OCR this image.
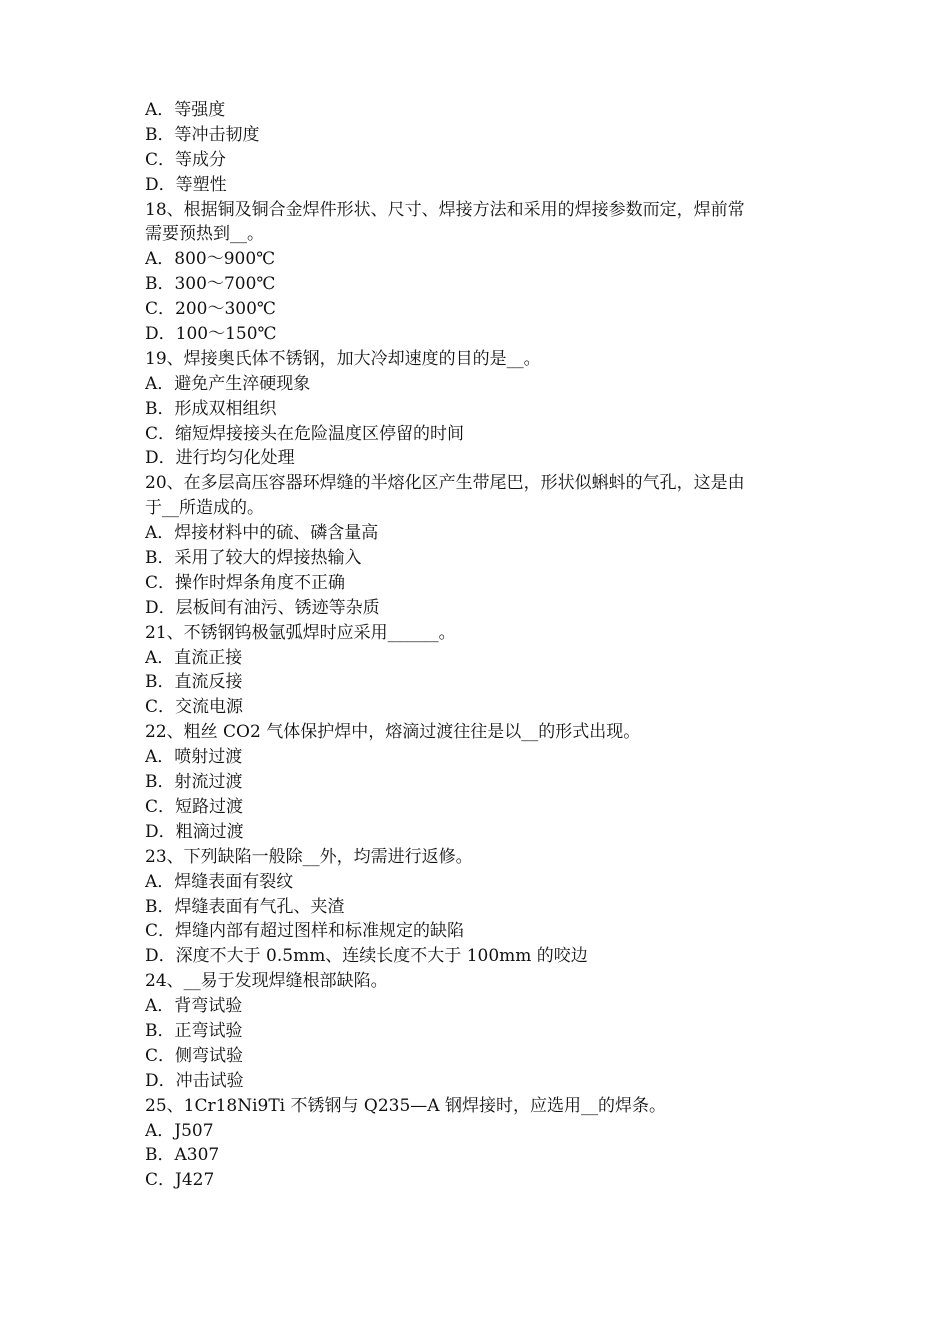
A．等强度
B．等冲击韧度
C．等成分
D．等塑性
18、根据铜及铜合金焊件形状、尺寸、焊接方法和采用的焊接参数而定，焊前常
需要预热到__。
A．800～900℃
B．300～700℃
C．200～300℃
D．100～150℃
19、焊接奥氏体不锈钢，加大冷却速度的目的是__。
A．避免产生淬硬现象
B．形成双相组织
C．缩短焊接接头在危险温度区停留的时间
D．进行均匀化处理
20、在多层高压容器环焊缝的半熔化区产生带尾巴，形状似蝌蚪的气孔，这是由
于__所造成的。
A．焊接材料中的硫、磷含量高
B．采用了较大的焊接热输入
C．操作时焊条角度不正确
D．层板间有油污、锈迹等杂质
21、不锈钢钨极氩弧焊时应采用______。
A．直流正接
B．直流反接
C．交流电源
22、粗丝 CO2 气体保护焊中，熔滴过渡往往是以__的形式出现。
A．喷射过渡
B．射流过渡
C．短路过渡
D．粗滴过渡
23、下列缺陷一般除__外，均需进行返修。
A．焊缝表面有裂纹
B．焊缝表面有气孔、夹渣
C．焊缝内部有超过图样和标准规定的缺陷
D．深度不大于 0.5mm、连续长度不大于 100mm 的咬边
24、__易于发现焊缝根部缺陷。
A．背弯试验
B．正弯试验
C．侧弯试验
D．冲击试验
25、1Cr18Ni9Ti 不锈钢与 Q235—A 钢焊接时，应选用__的焊条。
A．J507
B．A307
C．J427
